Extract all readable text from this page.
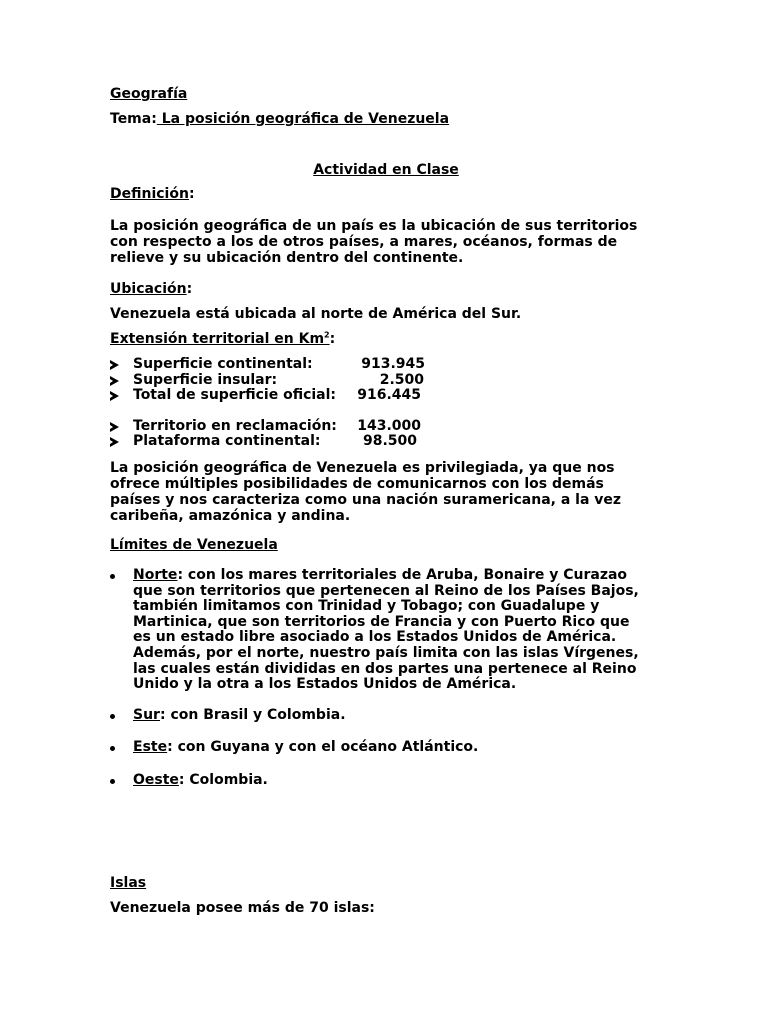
Geografía

Tema: La posición geográfica de Venezuela

Actividad en Clase

Definición:

La posición geográfica de un país es la ubicación de sus territorios
con respecto a los de otros países, a mares, océanos, formas de
relieve y su ubicación dentro del continente.

Ubicación:

Venezuela está ubicada al norte de América del Sur.

Extensión territorial en Km$^2$:

Superficie continental:	913.945
Superficie insular:	2.500
Total de superficie oficial:	916.445
Territorio en reclamación:	143.000
Plataforma continental:	98.500

La posición geográfica de Venezuela es privilegiada, ya que nos
ofrece múltiples posibilidades de comunicarnos con los demás
países y nos caracteriza como una nación suramericana, a la vez
caribeña, amazónica y andina.

Límites de Venezuela

Norte: con los mares territoriales de Aruba, Bonaire y Curazao
que son territorios que pertenecen al Reino de los Países Bajos,
también limitamos con Trinidad y Tobago; con Guadalupe y
Martinica, que son territorios de Francia y con Puerto Rico que
es un estado libre asociado a los Estados Unidos de América.
Además, por el norte, nuestro país limita con las islas Vírgenes,
las cuales están divididas en dos partes una pertenece al Reino
Unido y la otra a los Estados Unidos de América.
Sur: con Brasil y Colombia.
Este: con Guyana y con el océano Atlántico.
Oeste: Colombia.

Islas

Venezuela posee más de 70 islas:
